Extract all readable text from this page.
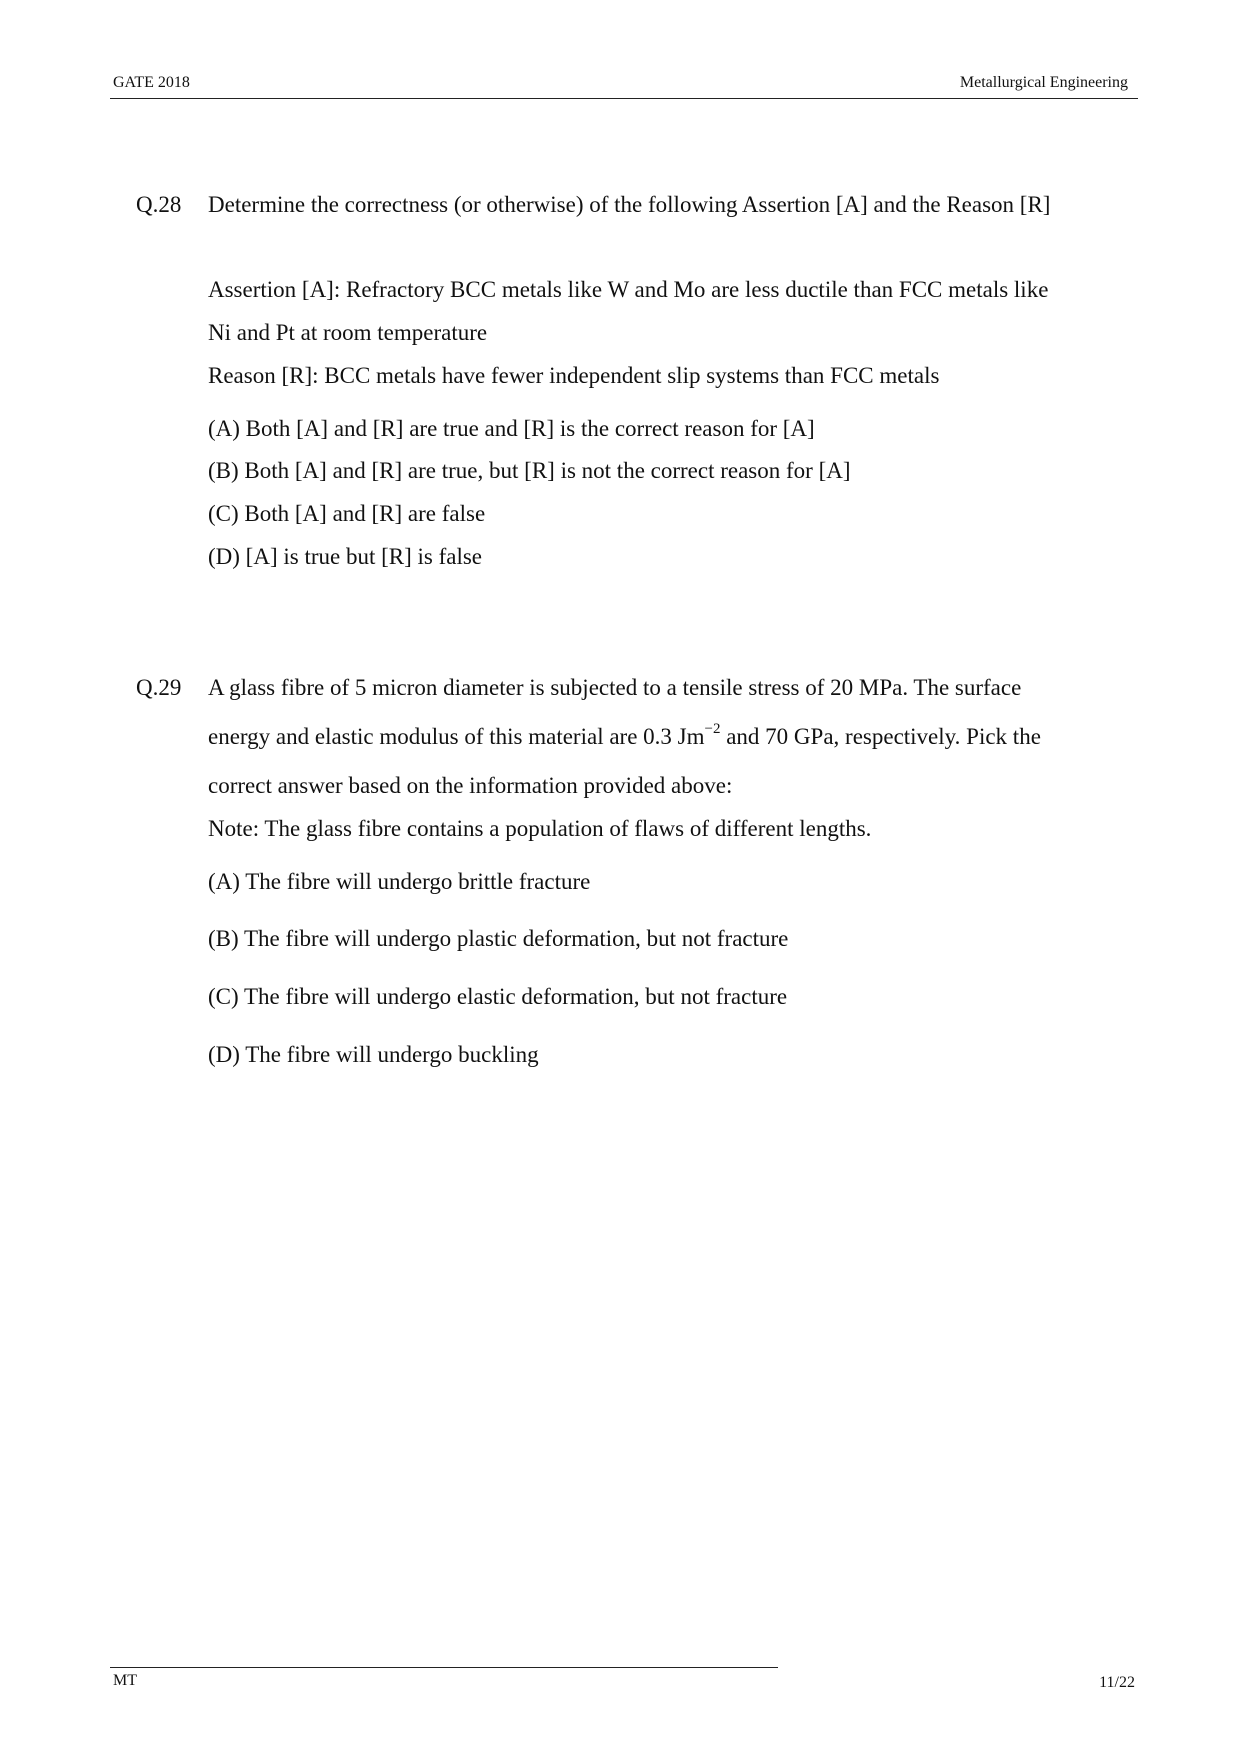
GATE 2018	Metallurgical Engineering
Q.28 Determine the correctness (or otherwise) of the following Assertion [A] and the Reason [R]
Assertion [A]: Refractory BCC metals like W and Mo are less ductile than FCC metals like
Ni and Pt at room temperature
Reason [R]: BCC metals have fewer independent slip systems than FCC metals
(A) Both [A] and [R] are true and [R] is the correct reason for [A]
(B) Both [A] and [R] are true, but [R] is not the correct reason for [A]
(C) Both [A] and [R] are false
(D) [A] is true but [R] is false
Q.29 A glass fibre of 5 micron diameter is subjected to a tensile stress of 20 MPa. The surface
energy and elastic modulus of this material are 0.3 $Jm^{-2}$ and 70 GPa, respectively. Pick the
correct answer based on the information provided above:
Note: The glass fibre contains a population of flaws of different lengths.
(A) The fibre will undergo brittle fracture
(B) The fibre will undergo plastic deformation, but not fracture
(C) The fibre will undergo elastic deformation, but not fracture
(D) The fibre will undergo buckling
MT	11/22
